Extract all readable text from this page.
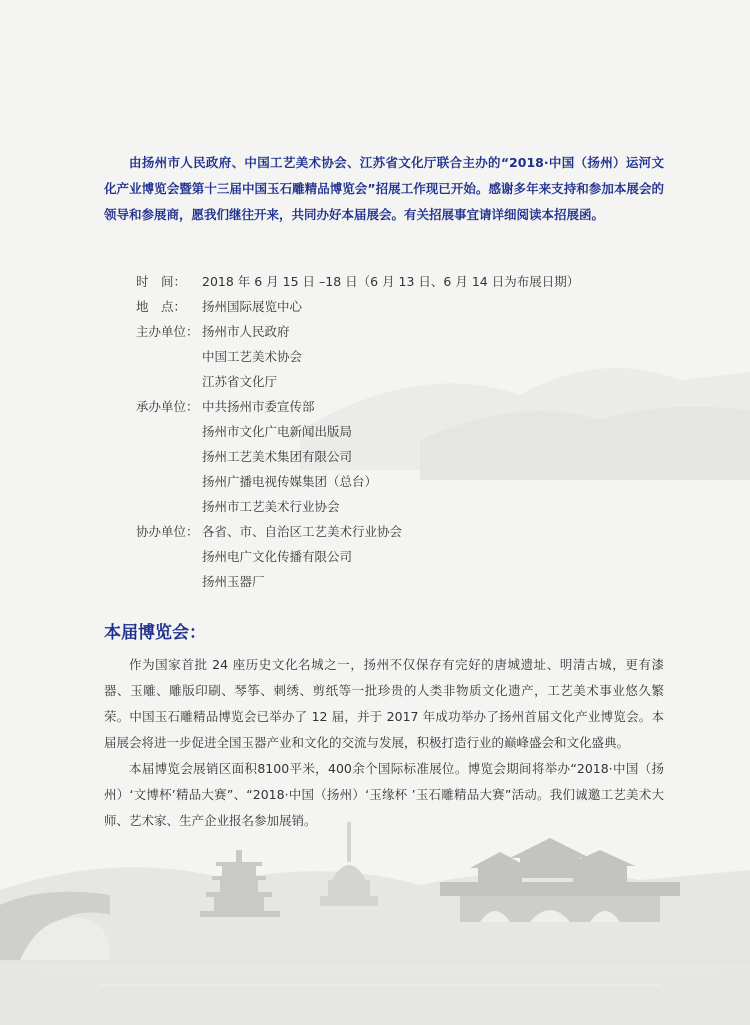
由扬州市人民政府、中国工艺美术协会、江苏省文化厅联合主办的“2018·中国（扬州）运河文化产业博览会暨第十三届中国玉石雕精品博览会”招展工作现已开始。感谢多年来支持和参加本展会的领导和参展商，愿我们继往开来，共同办好本届展会。有关招展事宜请详细阅读本招展函。

时　间：	2018 年 6 月 15 日 –18 日（6 月 13 日、6 月 14 日为布展日期）
地　点：	扬州国际展览中心
主办单位： 扬州市人民政府
中国工艺美术协会
江苏省文化厅
承办单位： 中共扬州市委宣传部
扬州市文化广电新闻出版局
扬州工艺美术集团有限公司
扬州广播电视传媒集团（总台）
扬州市工艺美术行业协会
协办单位： 各省、市、自治区工艺美术行业协会
扬州电广文化传播有限公司
扬州玉器厂
本届博览会：

作为国家首批 24 座历史文化名城之一，扬州不仅保存有完好的唐城遗址、明清古城，更有漆器、玉雕、雕版印刷、琴筝、刺绣、剪纸等一批珍贵的人类非物质文化遗产，工艺美术事业悠久繁荣。中国玉石雕精品博览会已举办了 12 届，并于 2017 年成功举办了扬州首届文化产业博览会。本届展会将进一步促进全国玉器产业和文化的交流与发展，积极打造行业的巅峰盛会和文化盛典。

本届博览会展销区面积8100平米，400余个国际标准展位。博览会期间将举办“2018·中国（扬州）‘文博杯’精品大赛”、“2018·中国（扬州）‘玉缘杯 ’玉石雕精品大赛”活动。我们诚邀工艺美术大师、艺术家、生产企业报名参加展销。
